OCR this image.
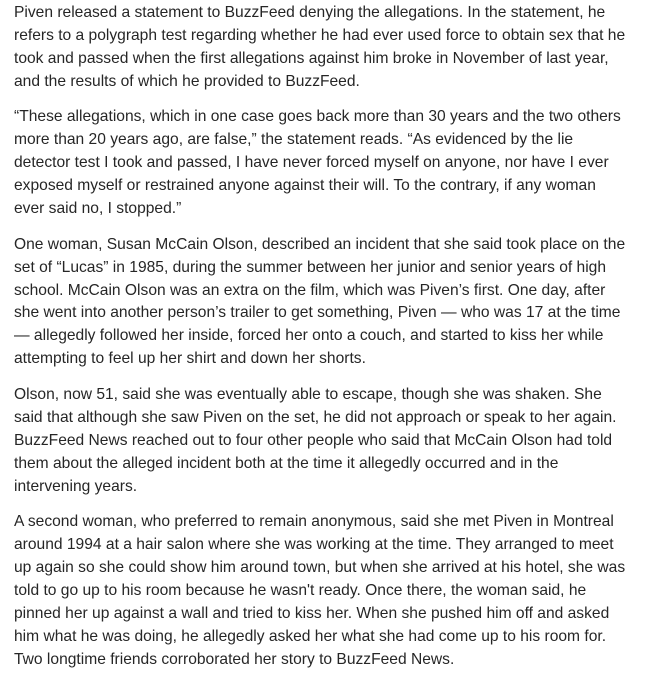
Piven released a statement to BuzzFeed denying the allegations. In the statement, he
refers to a polygraph test regarding whether he had ever used force to obtain sex that he
took and passed when the first allegations against him broke in November of last year,
and the results of which he provided to BuzzFeed.

“These allegations, which in one case goes back more than 30 years and the two others
more than 20 years ago, are false,” the statement reads. “As evidenced by the lie
detector test I took and passed, I have never forced myself on anyone, nor have I ever
exposed myself or restrained anyone against their will. To the contrary, if any woman
ever said no, I stopped.”

One woman, Susan McCain Olson, described an incident that she said took place on the
set of “Lucas” in 1985, during the summer between her junior and senior years of high
school. McCain Olson was an extra on the film, which was Piven’s first. One day, after
she went into another person’s trailer to get something, Piven — who was 17 at the time
— allegedly followed her inside, forced her onto a couch, and started to kiss her while
attempting to feel up her shirt and down her shorts.

Olson, now 51, said she was eventually able to escape, though she was shaken. She
said that although she saw Piven on the set, he did not approach or speak to her again.
BuzzFeed News reached out to four other people who said that McCain Olson had told
them about the alleged incident both at the time it allegedly occurred and in the
intervening years.

A second woman, who preferred to remain anonymous, said she met Piven in Montreal
around 1994 at a hair salon where she was working at the time. They arranged to meet
up again so she could show him around town, but when she arrived at his hotel, she was
told to go up to his room because he wasn't ready. Once there, the woman said, he
pinned her up against a wall and tried to kiss her. When she pushed him off and asked
him what he was doing, he allegedly asked her what she had come up to his room for.
Two longtime friends corroborated her story to BuzzFeed News.
